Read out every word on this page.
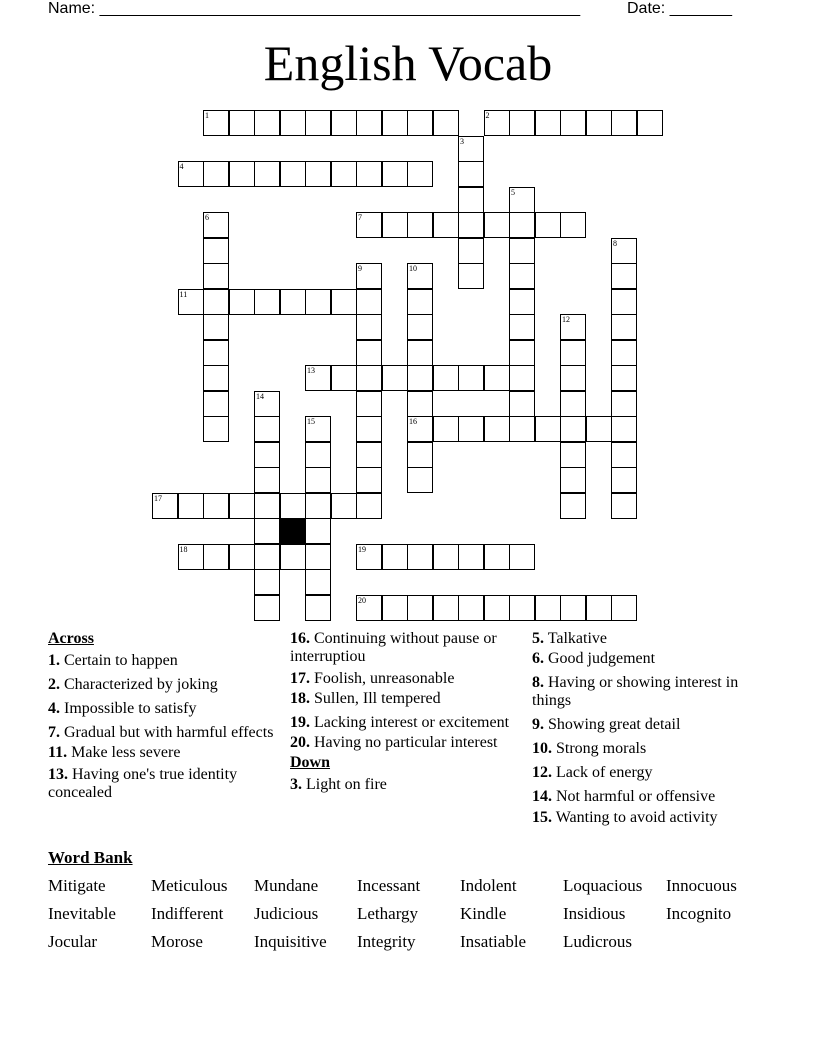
Name: ______________________________________________________	Date: _______
English Vocab
1	2
3
4
5
6	7
8
9	10
16
11
12
13
14
15
17
18	19
20
Across
1. Certain to happen
2. Characterized by joking
4. Impossible to satisfy
7. Gradual but with harmful effects
11. Make less severe
13. Having one's true identity concealed
16. Continuing without pause or interruptiou
17. Foolish, unreasonable
18. Sullen, Ill tempered
19. Lacking interest or excitement
20. Having no particular interest
Down
3. Light on fire
5. Talkative
6. Good judgement
8. Having or showing interest in things
9. Showing great detail
10. Strong morals
12. Lack of energy
14. Not harmful or offensive
15. Wanting to avoid activity
Word Bank
Mitigate	Meticulous	Mundane	Incessant	Indolent	Loquacious	Innocuous
Inevitable	Indifferent	Judicious	Lethargy	Kindle	Insidious	Incognito
Jocular	Morose	Inquisitive	Integrity	Insatiable	Ludicrous
